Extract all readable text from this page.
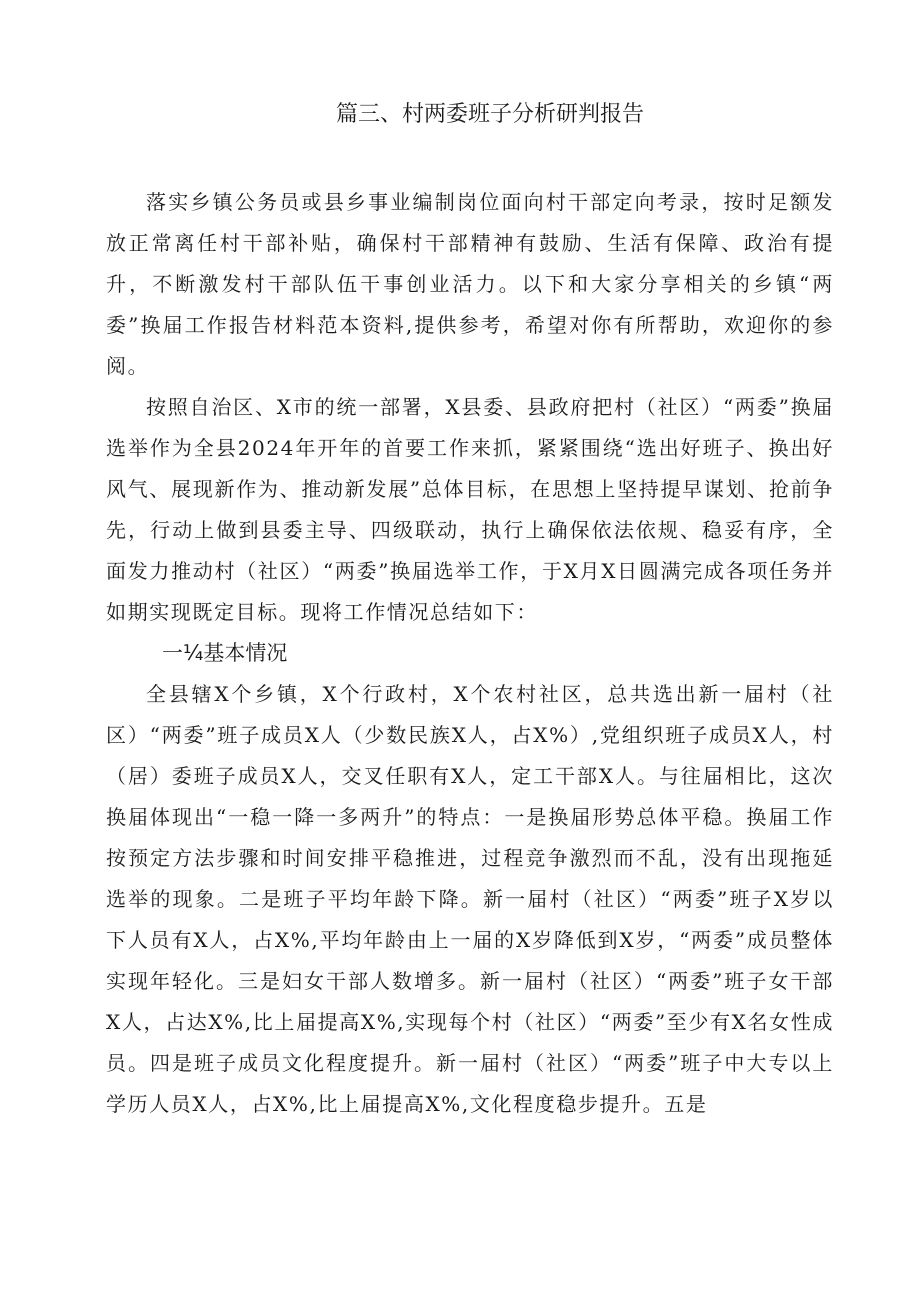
篇三、村两委班子分析研判报告

落实乡镇公务员或县乡事业编制岗位面向村干部定向考录，按时足额发放正常离任村干部补贴，确保村干部精神有鼓励、生活有保障、政治有提升，不断激发村干部队伍干事创业活力。以下和大家分享相关的乡镇“两委”换届工作报告材料范本资料,提供参考，希望对你有所帮助，欢迎你的参阅。

按照自治区、X市的统一部署，X县委、县政府把村（社区）“两委”换届选举作为全县2024年开年的首要工作来抓，紧紧围绕“选出好班子、换出好风气、展现新作为、推动新发展”总体目标，在思想上坚持提早谋划、抢前争先，行动上做到县委主导、四级联动，执行上确保依法依规、稳妥有序，全面发力推动村（社区）“两委”换届选举工作，于X月X日圆满完成各项任务并如期实现既定目标。现将工作情况总结如下：

一¼基本情况

全县辖X个乡镇，X个行政村，X个农村社区，总共选出新一届村（社区）“两委”班子成员X人（少数民族X人，占X%）,党组织班子成员X人，村（居）委班子成员X人，交叉任职有X人，定工干部X人。与往届相比，这次换届体现出“一稳一降一多两升”的特点：一是换届形势总体平稳。换届工作按预定方法步骤和时间安排平稳推进，过程竞争激烈而不乱，没有出现拖延选举的现象。二是班子平均年龄下降。新一届村（社区）“两委”班子X岁以下人员有X人，占X%,平均年龄由上一届的X岁降低到X岁，“两委”成员整体实现年轻化。三是妇女干部人数增多。新一届村（社区）“两委”班子女干部X人，占达X%,比上届提高X%,实现每个村（社区）“两委”至少有X名女性成员。四是班子成员文化程度提升。新一届村（社区）“两委”班子中大专以上学历人员X人，占X%,比上届提高X%,文化程度稳步提升。五是
